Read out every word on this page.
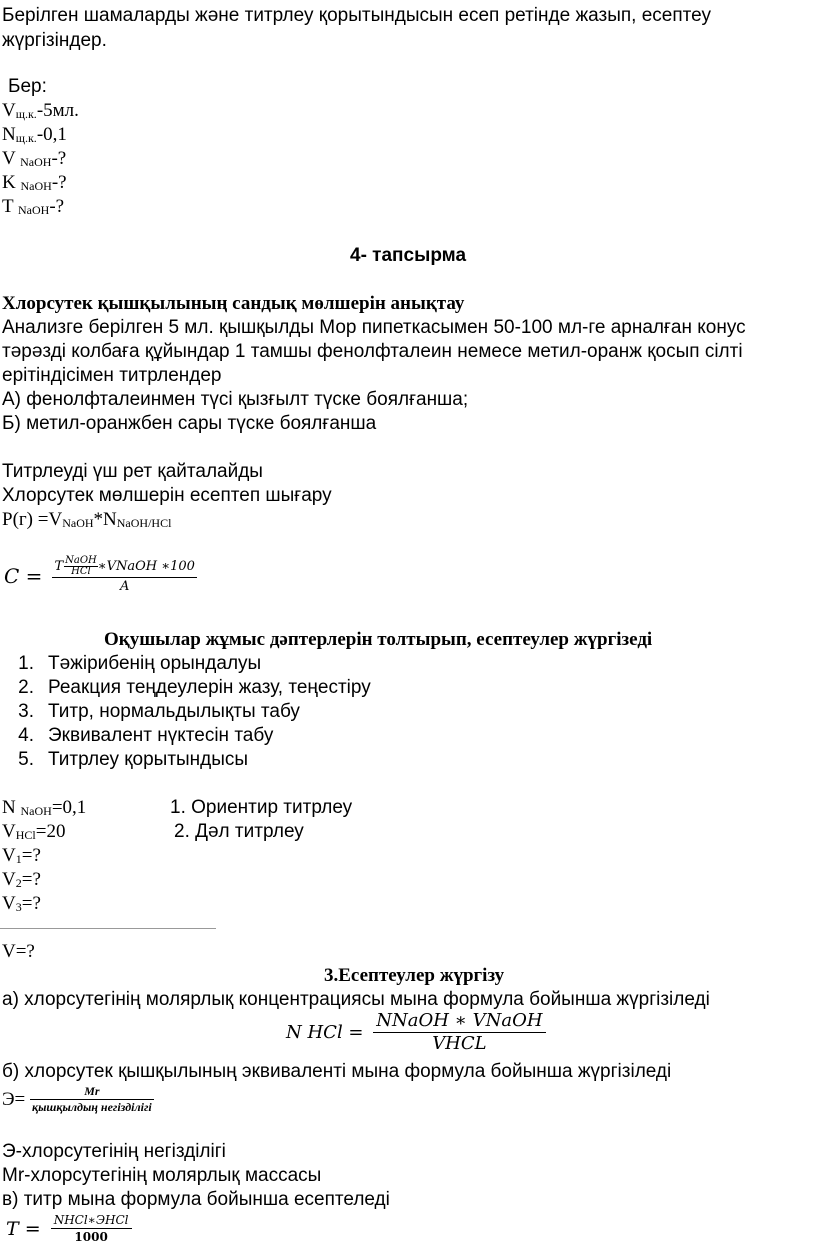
Берілген шамаларды және титрлеу қорытындысын есеп ретінде жазып, есептеу
жүргізіндер.
Бер:
Vщ.к.-5мл.
Nщ.к.-0,1
V NaOH-?
K NaOH-?
T NaOH-?
4- тапсырма
Хлорсутек қышқылының сандық мөлшерін анықтау
Анализге берілген 5 мл. қышқылды Мор пипеткасымен 50-100 мл-ге арналған конус
тәрәзді колбаға құйындар 1 тамшы фенолфталеин немесе метил-оранж қосып сілті
ерітіндісімен титрлендер
А) фенолфталеинмен түсі қызғылт түске боялғанша;
Б) метил-оранжбен сары түске боялғанша
Титрлеуді үш рет қайталайды
Хлорсутек мөлшерін есептеп шығару
Р(г) =VNaOH*NNaOH/HCl
$C = \frac{T \frac{\text{NaOH}}{\text{HCl}} ∗VNaOH ∗100}{A}$
Оқушылар жұмыс дәптерлерін толтырып, есептеулер жүргізеді
1. Тәжірибенің орындалуы
2. Реакция теңдеулерін жазу, теңестіру
3. Титр, нормальдылықты табу
4. Эквивалент нүктесін табу
5. Титрлеу қорытындысы
N NaOH=0,1	1. Ориентир титрлеу
VHCl=20	2. Дәл титрлеу
V1=?
V2=?
V3=?
V=?
3.Есептеулер жүргізу
а) хлорсутегінің молярлық концентрациясы мына формула бойынша жүргізіледі
N HCl = $\frac{\text{NNaOH ∗ VNaOH}}{\text{VHCL}}$
б) хлорсутек қышқылының эквиваленті мына формула бойынша жүргізіледі
$Э= \frac{Mr}{\text{қышқылдың негізділігі}}$
Э-хлорсутегінің негізділігі
Mr-хлорсутегінің молярлық массасы
в) титр мына формула бойынша есептеледі
$T = \frac{\text{NHCl∗ЭHCl}}{1000}$
